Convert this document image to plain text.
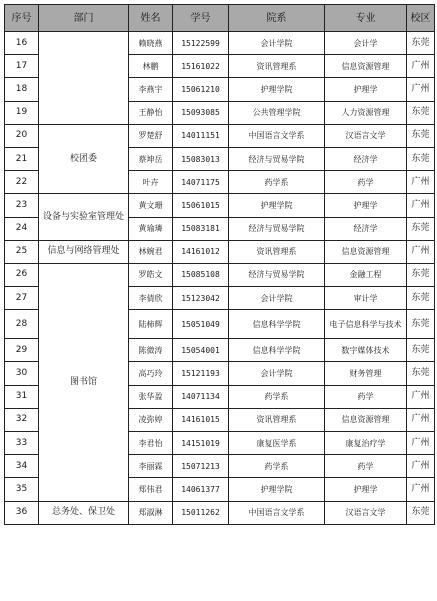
序号	部门	姓名	学号	院系	专业	校区
16		赖晓燕	15122599	会计学院	会计学	东莞
17		林鹏	15161022	资讯管理系	信息资源管理	广州
18		李燕宇	15061210	护理学院	护理学	广州
19		王静怡	15093085	公共管理学院	人力资源管理	东莞
20	校团委	罗楚舒	14011151	中国语言文学系	汉语言文学	东莞
21		蔡坤岳	15083013	经济与贸易学院	经济学	东莞
22		叶卉	14071175	药学系	药学	广州
23	设备与实验室管理处	黄文珊	15061015	护理学院	护理学	广州
24		黄瑜璘	15083181	经济与贸易学院	经济学	东莞
25	信息与网络管理处	林婉君	14161012	资讯管理系	信息资源管理	广州
26	图书馆	罗皓文	15085108	经济与贸易学院	金融工程	东莞
27		李倩欣	15123042	会计学院	审计学	东莞
28		陆柿辉	15051049	信息科学学院	电子信息科学与技术	东莞
29		陈微涛	15054001	信息科学学院	数字媒体技术	东莞
30		高巧玲	15121193	会计学院	财务管理	东莞
31		张华盈	14071134	药学系	药学	广州
32		凌弥婷	14161015	资讯管理系	信息资源管理	广州
33		李君怡	14151019	康复医学系	康复治疗学	广州
34		李丽霖	15071213	药学系	药学	广州
35		郑伟君	14061377	护理学院	护理学	广州
36	总务处、保卫处	郑淑淋	15011262	中国语言文学系	汉语言文学	东莞
